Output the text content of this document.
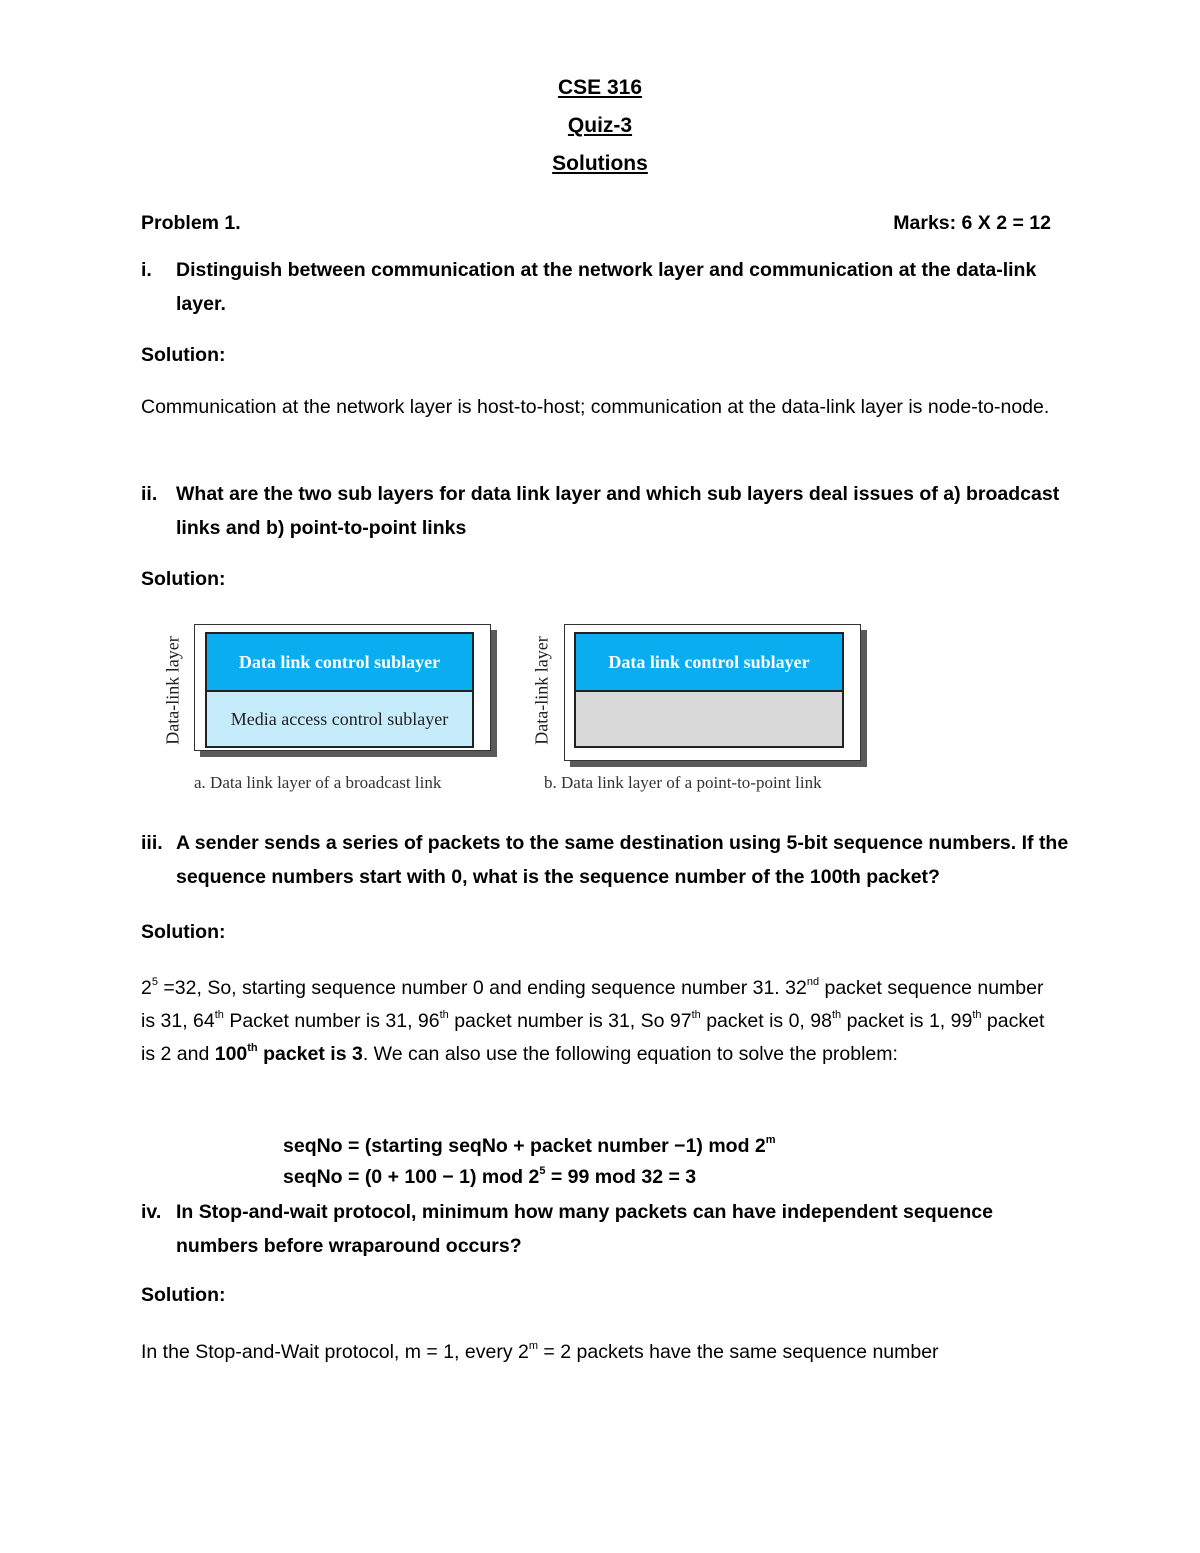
CSE 316
Quiz-3
Solutions
Problem 1.	Marks: 6 X 2 = 12
i. Distinguish between communication at the network layer and communication at the data-link layer.
Solution:
Communication at the network layer is host-to-host; communication at the data-link layer is node-to-node.
ii. What are the two sub layers for data link layer and which sub layers deal issues of a) broadcast links and b) point-to-point links
Solution:
Data link control sublayer
Media access control sublayer
Data-link layer
a. Data link layer of a broadcast link
Data link control sublayer
Data-link layer
b. Data link layer of a point-to-point link
iii. A sender sends a series of packets to the same destination using 5-bit sequence numbers. If the sequence numbers start with 0, what is the sequence number of the 100th packet?
Solution:
$2^5 =32$, So, starting sequence number 0 and ending sequence number 31. 32nd packet sequence number is 31, 64th Packet number is 31, 96th packet number is 31, So 97th packet is 0, 98th packet is 1, 99th packet is 2 and 100th packet is 3. We can also use the following equation to solve the problem:
seqNo = (starting seqNo + packet number −1) mod 2$^m$
seqNo = (0 + 100 − 1) mod $2^5 = 99$ mod 32 = 3
iv. In Stop-and-wait protocol, minimum how many packets can have independent sequence numbers before wraparound occurs?
Solution:
In the Stop-and-Wait protocol, m = 1, every $2^m = 2$ packets have the same sequence number
